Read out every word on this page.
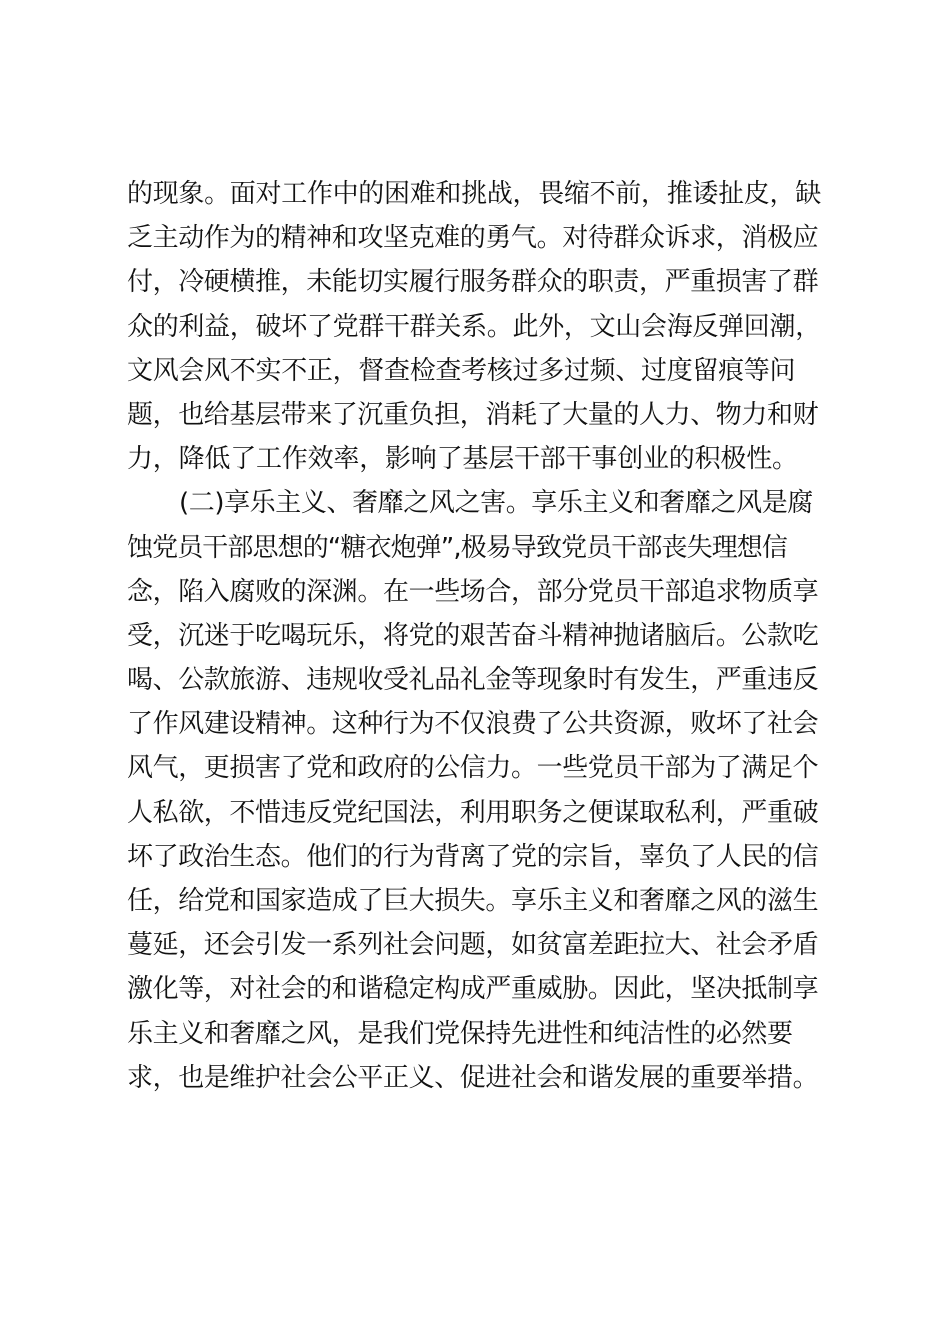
的现象。面对工作中的困难和挑战，畏缩不前，推诿扯皮，缺
乏主动作为的精神和攻坚克难的勇气。对待群众诉求，消极应
付，冷硬横推，未能切实履行服务群众的职责，严重损害了群
众的利益，破坏了党群干群关系。此外，文山会海反弹回潮，
文风会风不实不正，督查检查考核过多过频、过度留痕等问
题，也给基层带来了沉重负担，消耗了大量的人力、物力和财
力，降低了工作效率，影响了基层干部干事创业的积极性。
(二)享乐主义、奢靡之风之害。享乐主义和奢靡之风是腐
蚀党员干部思想的“糖衣炮弹”,极易导致党员干部丧失理想信
念，陷入腐败的深渊。在一些场合，部分党员干部追求物质享
受，沉迷于吃喝玩乐，将党的艰苦奋斗精神抛诸脑后。公款吃
喝、公款旅游、违规收受礼品礼金等现象时有发生，严重违反
了作风建设精神。这种行为不仅浪费了公共资源，败坏了社会
风气，更损害了党和政府的公信力。一些党员干部为了满足个
人私欲，不惜违反党纪国法，利用职务之便谋取私利，严重破
坏了政治生态。他们的行为背离了党的宗旨，辜负了人民的信
任，给党和国家造成了巨大损失。享乐主义和奢靡之风的滋生
蔓延，还会引发一系列社会问题，如贫富差距拉大、社会矛盾
激化等，对社会的和谐稳定构成严重威胁。因此，坚决抵制享
乐主义和奢靡之风，是我们党保持先进性和纯洁性的必然要
求，也是维护社会公平正义、促进社会和谐发展的重要举措。
